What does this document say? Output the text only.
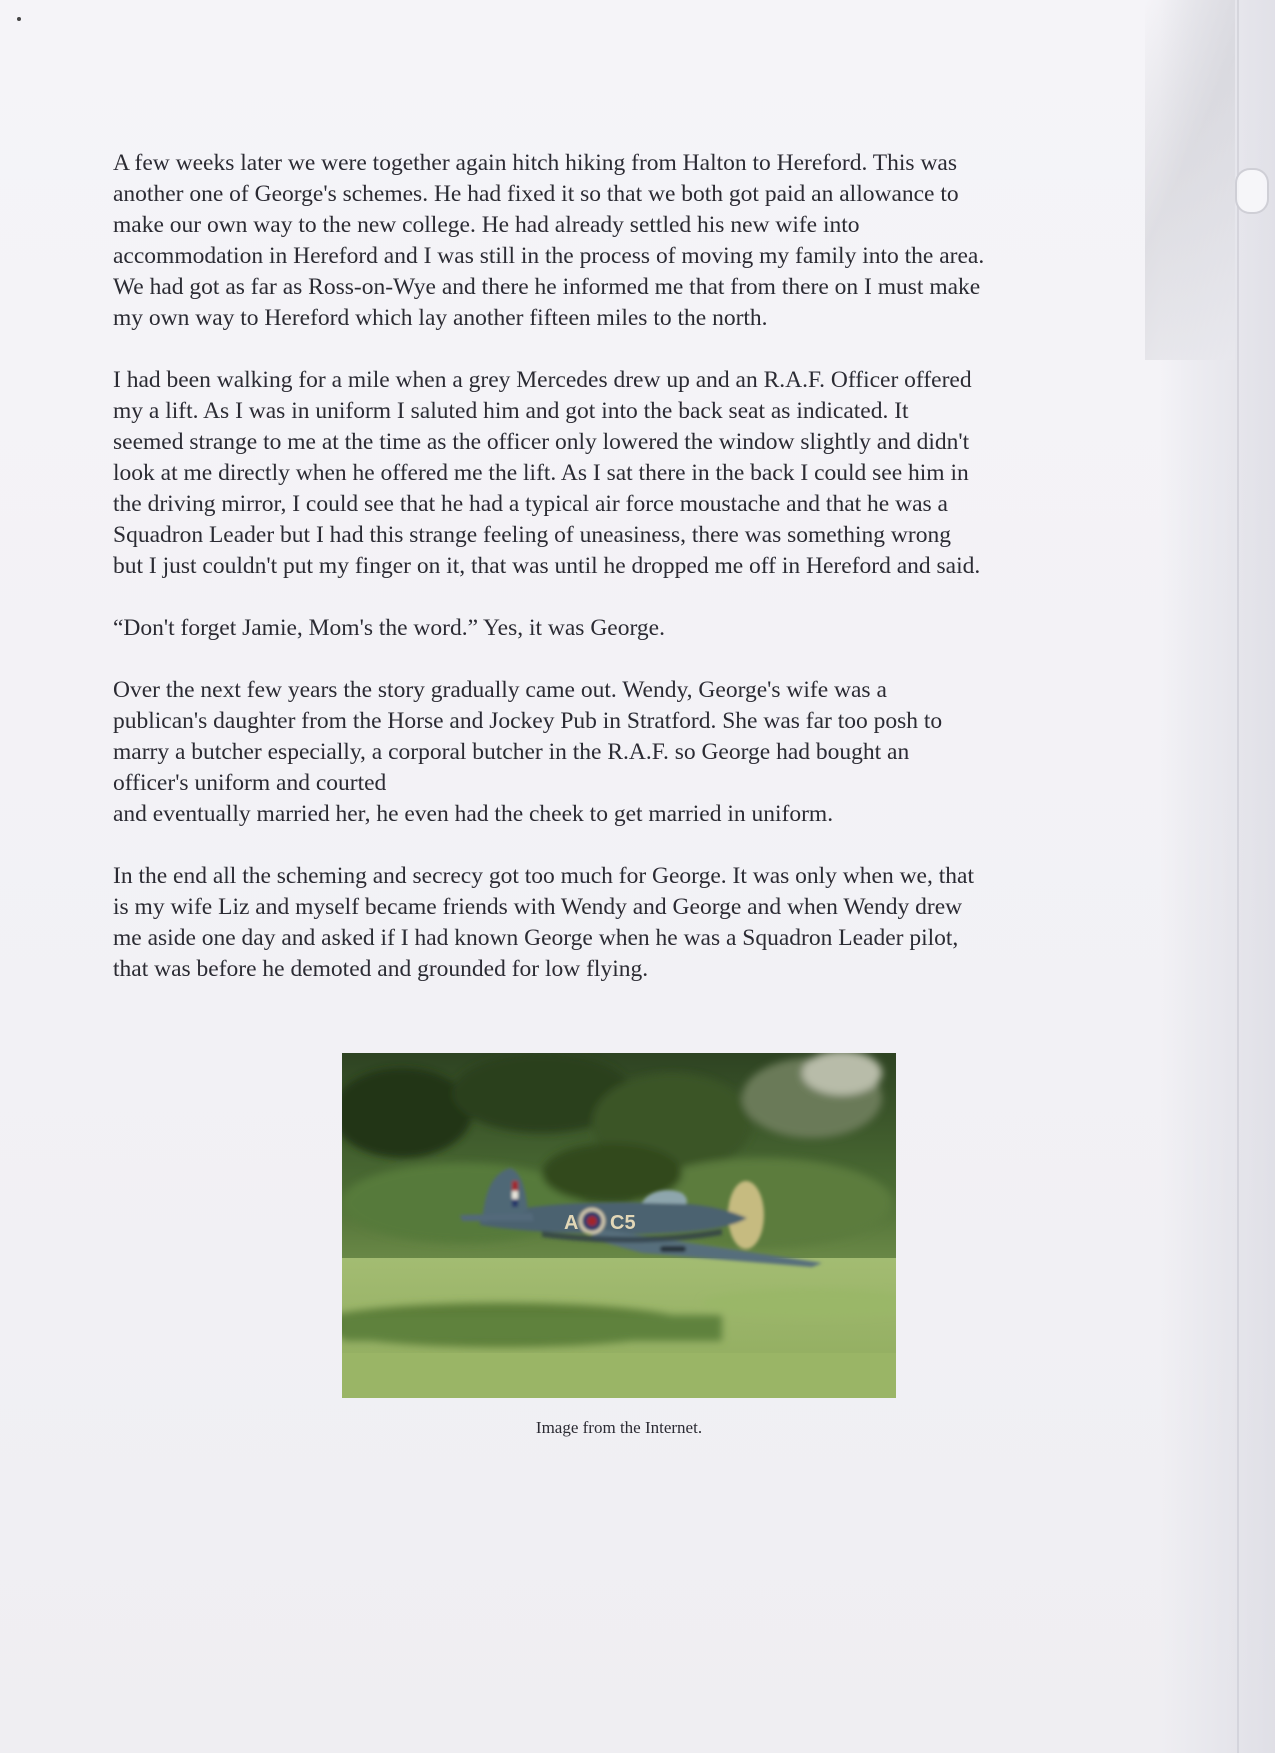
A few weeks later we were together again hitch hiking from Halton to Hereford. This was
another one of George's schemes. He had fixed it so that we both got paid an allowance to
make our own way to the new college. He had already settled his new wife into
accommodation in Hereford and I was still in the process of moving my family into the area.
We had got as far as Ross-on-Wye and there he informed me that from there on I must make
my own way to Hereford which lay another fifteen miles to the north.

I had been walking for a mile when a grey Mercedes drew up and an R.A.F. Officer offered
my a lift. As I was in uniform I saluted him and got into the back seat as indicated. It
seemed strange to me at the time as the officer only lowered the window slightly and didn't
look at me directly when he offered me the lift. As I sat there in the back I could see him in
the driving mirror, I could see that he had a typical air force moustache and that he was a
Squadron Leader but I had this strange feeling of uneasiness, there was something wrong
but I just couldn't put my finger on it, that was until he dropped me off in Hereford and said.

“Don't forget Jamie, Mom's the word.” Yes, it was George.

Over the next few years the story gradually came out. Wendy, George's wife was a
publican's daughter from the Horse and Jockey Pub in Stratford. She was far too posh to
marry a butcher especially, a corporal butcher in the R.A.F. so George had bought an
officer's uniform and courted
and eventually married her, he even had the cheek to get married in uniform.

In the end all the scheming and secrecy got too much for George. It was only when we, that
is my wife Liz and myself became friends with Wendy and George and when Wendy drew
me aside one day and asked if I had known George when he was a Squadron Leader pilot,
that was before he demoted and grounded for low flying.

A C5
Image from the Internet.
